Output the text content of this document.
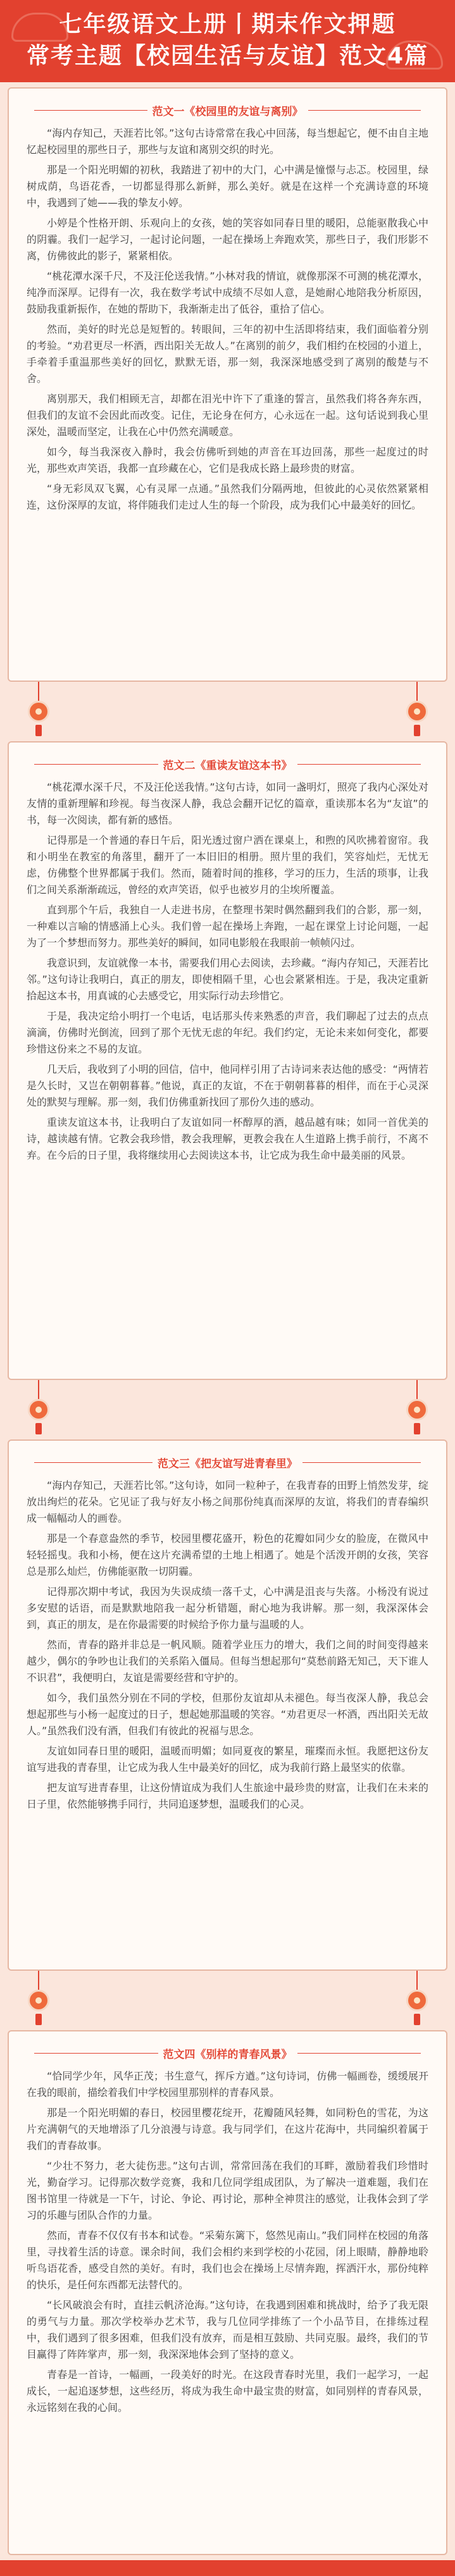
七年级语文上册丨期末作文押题
常考主题【校园生活与友谊】范文4篇
范文一《校园里的友谊与离别》

“海内存知己，天涯若比邻。”这句古诗常常在我心中回荡，每当想起它，便不由自主地忆起校园里的那些日子，那些与友谊和离别交织的时光。

那是一个阳光明媚的初秋，我踏进了初中的大门，心中满是憧憬与忐忑。校园里，绿树成荫，鸟语花香，一切都显得那么新鲜，那么美好。就是在这样一个充满诗意的环境中，我遇到了她——我的挚友小婷。

小婷是个性格开朗、乐观向上的女孩，她的笑容如同春日里的暖阳，总能驱散我心中的阴霾。我们一起学习，一起讨论问题，一起在操场上奔跑欢笑，那些日子，我们形影不离，仿佛彼此的影子，紧紧相依。

“桃花潭水深千尺，不及汪伦送我情。”小林对我的情谊，就像那深不可测的桃花潭水，纯净而深厚。记得有一次，我在数学考试中成绩不尽如人意，是她耐心地陪我分析原因，鼓励我重新振作，在她的帮助下，我渐渐走出了低谷，重拾了信心。

然而，美好的时光总是短暂的。转眼间，三年的初中生活即将结束，我们面临着分别的考验。“劝君更尽一杯酒，西出阳关无故人。”在离别的前夕，我们相约在校园的小道上，手牵着手重温那些美好的回忆，默默无语，那一刻，我深深地感受到了离别的酸楚与不舍。

离别那天，我们相顾无言，却都在泪光中许下了重逢的誓言，虽然我们将各奔东西，但我们的友谊不会因此而改变。记住，无论身在何方，心永远在一起。这句话说到我心里深处，温暖而坚定，让我在心中仍然充满暖意。

如今，每当我深夜入静时，我会仿佛听到她的声音在耳边回荡，那些一起度过的时光，那些欢声笑语，我都一直珍藏在心，它们是我成长路上最珍贵的财富。

“身无彩凤双飞翼，心有灵犀一点通。”虽然我们分隔两地，但彼此的心灵依然紧紧相连，这份深厚的友谊，将伴随我们走过人生的每一个阶段，成为我们心中最美好的回忆。

范文二《重读友谊这本书》

“桃花潭水深千尺，不及汪伦送我情。”这句古诗，如同一盏明灯，照亮了我内心深处对友情的重新理解和珍视。每当夜深人静，我总会翻开记忆的篇章，重读那本名为“友谊”的书，每一次阅读，都有新的感悟。

记得那是一个普通的春日午后，阳光透过窗户洒在课桌上，和煦的风吹拂着窗帘。我和小明坐在教室的角落里，翻开了一本旧旧的相册。照片里的我们，笑容灿烂，无忧无虑，仿佛整个世界都属于我们。然而，随着时间的推移，学习的压力，生活的琐事，让我们之间关系渐渐疏远，曾经的欢声笑语，似乎也被岁月的尘埃所覆盖。

直到那个午后，我独自一人走进书房，在整理书架时偶然翻到我们的合影，那一刻，一种难以言喻的情感涌上心头。我们曾一起在操场上奔跑，一起在课堂上讨论问题，一起为了一个梦想而努力。那些美好的瞬间，如同电影般在我眼前一帧帧闪过。

我意识到，友谊就像一本书，需要我们用心去阅读，去珍藏。“海内存知己，天涯若比邻。”这句诗让我明白，真正的朋友，即使相隔千里，心也会紧紧相连。于是，我决定重新拾起这本书，用真诚的心去感受它，用实际行动去珍惜它。

于是，我决定给小明打一个电话，电话那头传来熟悉的声音，我们聊起了过去的点点滴滴，仿佛时光倒流，回到了那个无忧无虑的年纪。我们约定，无论未来如何变化，都要珍惜这份来之不易的友谊。

几天后，我收到了小明的回信，信中，他同样引用了古诗词来表达他的感受：“两情若是久长时，又岂在朝朝暮暮。”他说，真正的友谊，不在于朝朝暮暮的相伴，而在于心灵深处的默契与理解。那一刻，我们仿佛重新找回了那份久违的感动。

重读友谊这本书，让我明白了友谊如同一杯醇厚的酒，越品越有味；如同一首优美的诗，越读越有情。它教会我珍惜，教会我理解，更教会我在人生道路上携手前行，不离不弃。在今后的日子里，我将继续用心去阅读这本书，让它成为我生命中最美丽的风景。

范文三《把友谊写进青春里》

“海内存知己，天涯若比邻。”这句诗，如同一粒种子，在我青春的田野上悄然发芽，绽放出绚烂的花朵。它见证了我与好友小杨之间那份纯真而深厚的友谊，将我们的青春编织成一幅幅动人的画卷。

那是一个春意盎然的季节，校园里樱花盛开，粉色的花瓣如同少女的脸庞，在微风中轻轻摇曳。我和小杨，便在这片充满希望的土地上相遇了。她是个活泼开朗的女孩，笑容总是那么灿烂，仿佛能驱散一切阴霾。

记得那次期中考试，我因为失误成绩一落千丈，心中满是沮丧与失落。小杨没有说过多安慰的话语，而是默默地陪我一起分析错题，耐心地为我讲解。那一刻，我深深体会到，真正的朋友，是在你最需要的时候给予你力量与温暖的人。

然而，青春的路并非总是一帆风顺。随着学业压力的增大，我们之间的时间变得越来越少，偶尔的争吵也让我们的关系陷入僵局。但每当想起那句“莫愁前路无知己，天下谁人不识君”，我便明白，友谊是需要经营和守护的。

如今，我们虽然分别在不同的学校，但那份友谊却从未褪色。每当夜深人静，我总会想起那些与小杨一起度过的日子，想起她那温暖的笑容。“劝君更尽一杯酒，西出阳关无故人。”虽然我们没有酒，但我们有彼此的祝福与思念。

友谊如同春日里的暖阳，温暖而明媚；如同夏夜的繁星，璀璨而永恒。我愿把这份友谊写进我的青春里，让它成为我人生中最美好的回忆，成为我前行路上最坚实的依靠。

把友谊写进青春里，让这份情谊成为我们人生旅途中最珍贵的财富，让我们在未来的日子里，依然能够携手同行，共同追逐梦想，温暖我们的心灵。

范文四《别样的青春风景》

“恰同学少年，风华正茂；书生意气，挥斥方遒。”这句诗词，仿佛一幅画卷，缓缓展开在我的眼前，描绘着我们中学校园里那别样的青春风景。

那是一个阳光明媚的春日，校园里樱花绽开，花瓣随风轻舞，如同粉色的雪花，为这片充满朝气的天地增添了几分浪漫与诗意。我与同学们，在这片花海中，共同编织着属于我们的青春故事。

“少壮不努力，老大徒伤悲。”这句古训，常常回荡在我们的耳畔，激励着我们珍惜时光，勤奋学习。记得那次数学竞赛，我和几位同学组成团队，为了解决一道难题，我们在图书馆里一待就是一下午，讨论、争论、再讨论，那种全神贯注的感觉，让我体会到了学习的乐趣与团队合作的力量。

然而，青春不仅仅有书本和试卷。“采菊东篱下，悠然见南山。”我们同样在校园的角落里，寻找着生活的诗意。课余时间，我们会相约来到学校的小花园，闭上眼睛，静静地聆听鸟语花香，感受自然的美好。有时，我们也会在操场上尽情奔跑，挥洒汗水，那份纯粹的快乐，是任何东西都无法替代的。

“长风破浪会有时，直挂云帆济沧海。”这句诗，在我遇到困难和挑战时，给予了我无限的勇气与力量。那次学校举办艺术节，我与几位同学排练了一个小品节目，在排练过程中，我们遇到了很多困难，但我们没有放弃，而是相互鼓励、共同克服。最终，我们的节目赢得了阵阵掌声，那一刻，我深深地体会到了坚持的意义。

青春是一首诗，一幅画，一段美好的时光。在这段青春时光里，我们一起学习，一起成长，一起追逐梦想，这些经历，将成为我生命中最宝贵的财富，如同别样的青春风景，永远铭刻在我的心间。
